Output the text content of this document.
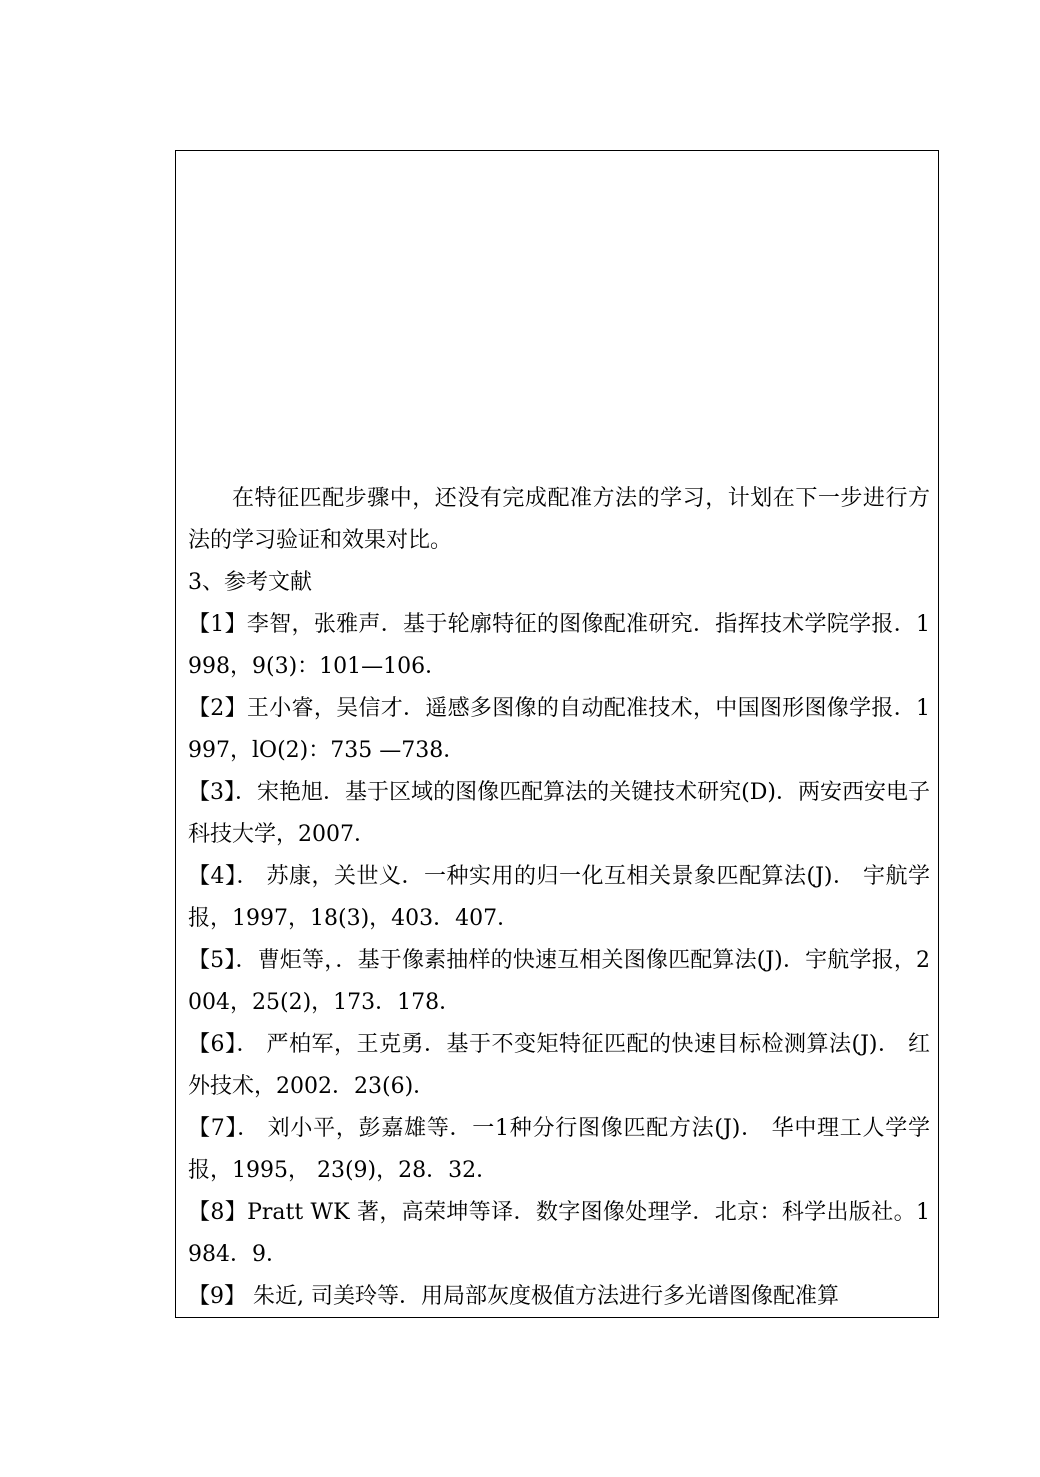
在特征匹配步骤中，还没有完成配准方法的学习，计划在下一步进行方法的学习验证和效果对比。

3、参考文献

【1】李智，张雅声．基于轮廓特征的图像配准研究．指挥技术学院学报．1998，9(3)：101—106．
【2】王小睿，吴信才．遥感多图像的自动配准技术，中国图形图像学报．1997，lO(2)：735 —738．
【3】．宋艳旭．基于区域的图像匹配算法的关键技术研究(D)．两安西安电子科技大学，2007．
【4】． 苏康，关世义．一种实用的归一化互相关景象匹配算法(J)． 宇航学报，1997，18(3)，403．407．
【5】．曹炬等，．基于像素抽样的快速互相关图像匹配算法(J)．宇航学报，2004，25(2)，173．178．
【6】． 严柏军，王克勇．基于不变矩特征匹配的快速目标检测算法(J)． 红外技术，2002．23(6)．
【7】． 刘小平，彭嘉雄等．一1种分行图像匹配方法(J)． 华中理工人学学报，1995， 23(9)，28．32．
【8】Pratt WK 著，高荣坤等译．数字图像处理学．北京：科学出版社。1984．9．
【9】 朱近, 司美玲等．用局部灰度极值方法进行多光谱图像配准算
